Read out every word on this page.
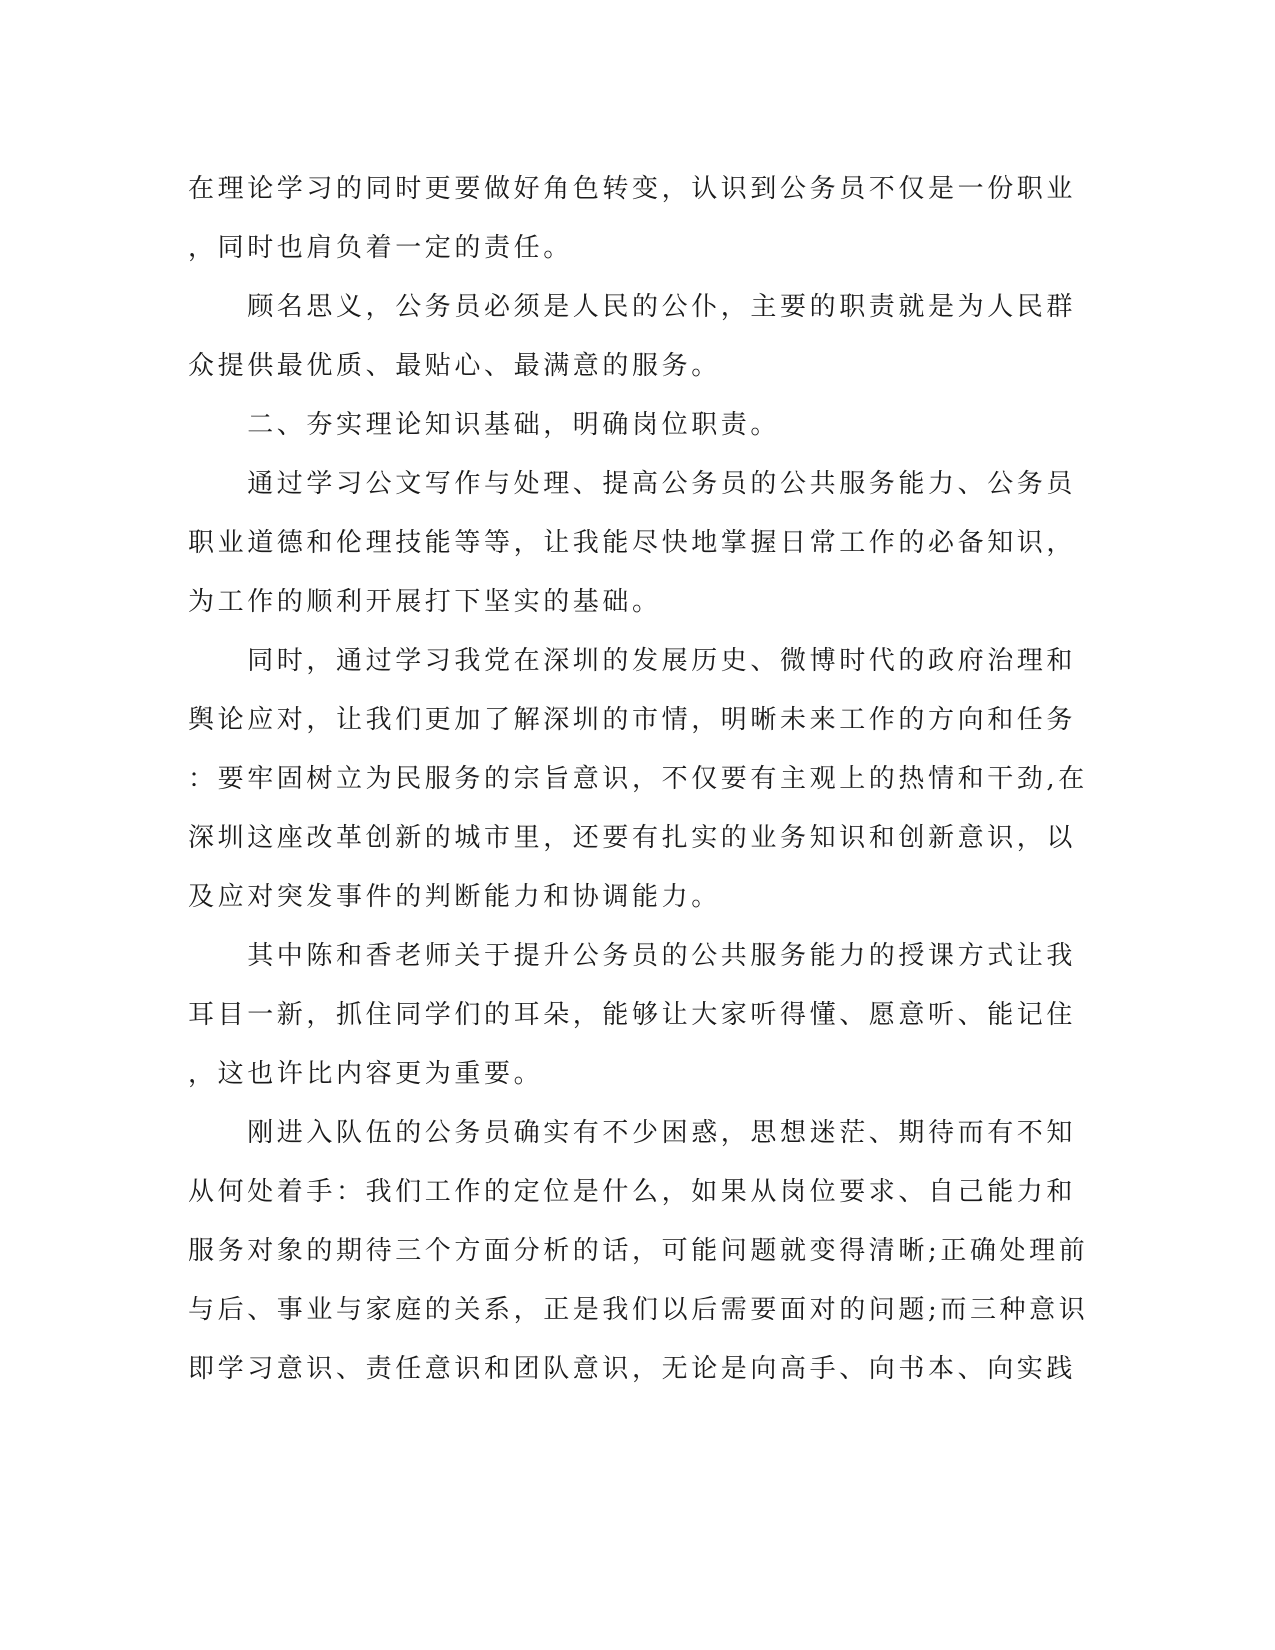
在理论学习的同时更要做好角色转变，认识到公务员不仅是一份职业
，同时也肩负着一定的责任。
　　顾名思义，公务员必须是人民的公仆，主要的职责就是为人民群
众提供最优质、最贴心、最满意的服务。
　　二、夯实理论知识基础，明确岗位职责。
　　通过学习公文写作与处理、提高公务员的公共服务能力、公务员
职业道德和伦理技能等等，让我能尽快地掌握日常工作的必备知识，
为工作的顺利开展打下坚实的基础。
　　同时，通过学习我党在深圳的发展历史、微博时代的政府治理和
舆论应对，让我们更加了解深圳的市情，明晰未来工作的方向和任务
：要牢固树立为民服务的宗旨意识，不仅要有主观上的热情和干劲,在
深圳这座改革创新的城市里，还要有扎实的业务知识和创新意识，以
及应对突发事件的判断能力和协调能力。
　　其中陈和香老师关于提升公务员的公共服务能力的授课方式让我
耳目一新，抓住同学们的耳朵，能够让大家听得懂、愿意听、能记住
，这也许比内容更为重要。
　　刚进入队伍的公务员确实有不少困惑，思想迷茫、期待而有不知
从何处着手：我们工作的定位是什么，如果从岗位要求、自己能力和
服务对象的期待三个方面分析的话，可能问题就变得清晰;正确处理前
与后、事业与家庭的关系，正是我们以后需要面对的问题;而三种意识
即学习意识、责任意识和团队意识，无论是向高手、向书本、向实践
